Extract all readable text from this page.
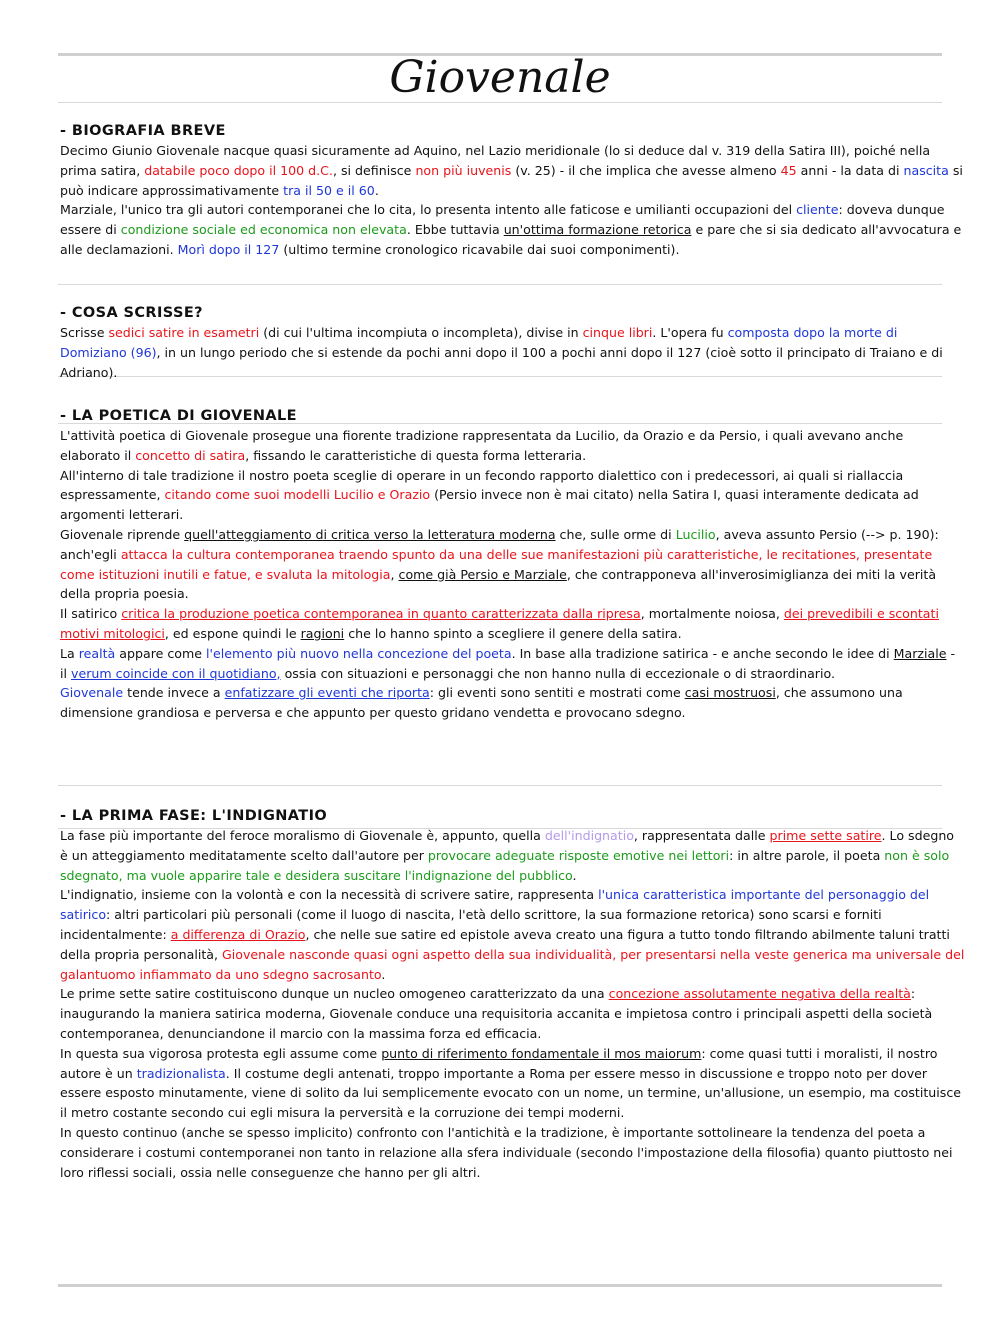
Giovenale
- BIOGRAFIA BREVE
Decimo Giunio Giovenale nacque quasi sicuramente ad Aquino, nel Lazio meridionale (lo si deduce dal v. 319 della Satira III), poiché nella prima satira, databile poco dopo il 100 d.C., si definisce non più iuvenis (v. 25) - il che implica che avesse almeno 45 anni - la data di nascita si può indicare approssimativamente tra il 50 e il 60.
Marziale, l'unico tra gli autori contemporanei che lo cita, lo presenta intento alle faticose e umilianti occupazioni del cliente: doveva dunque essere di condizione sociale ed economica non elevata. Ebbe tuttavia un'ottima formazione retorica e pare che si sia dedicato all'avvocatura e alle declamazioni. Morì dopo il 127 (ultimo termine cronologico ricavabile dai suoi componimenti).
- COSA SCRISSE?
Scrisse sedici satire in esametri (di cui l'ultima incompiuta o incompleta), divise in cinque libri. L'opera fu composta dopo la morte di Domiziano (96), in un lungo periodo che si estende da pochi anni dopo il 100 a pochi anni dopo il 127 (cioè sotto il principato di Traiano e di Adriano).
- LA POETICA DI GIOVENALE
L'attività poetica di Giovenale prosegue una fiorente tradizione rappresentata da Lucilio, da Orazio e da Persio, i quali avevano anche elaborato il concetto di satira, fissando le caratteristiche di questa forma letteraria.
All'interno di tale tradizione il nostro poeta sceglie di operare in un fecondo rapporto dialettico con i predecessori, ai quali si riallaccia espressamente, citando come suoi modelli Lucilio e Orazio (Persio invece non è mai citato) nella Satira I, quasi interamente dedicata ad argomenti letterari.
Giovenale riprende quell'atteggiamento di critica verso la letteratura moderna che, sulle orme di Lucilio, aveva assunto Persio (--> p. 190): anch'egli attacca la cultura contemporanea traendo spunto da una delle sue manifestazioni più caratteristiche, le recitationes, presentate come istituzioni inutili e fatue, e svaluta la mitologia, come già Persio e Marziale, che contrapponeva all'inverosimiglianza dei miti la verità della propria poesia.
Il satirico critica la produzione poetica contemporanea in quanto caratterizzata dalla ripresa, mortalmente noiosa, dei prevedibili e scontati motivi mitologici, ed espone quindi le ragioni che lo hanno spinto a scegliere il genere della satira.
La realtà appare come l'elemento più nuovo nella concezione del poeta. In base alla tradizione satirica - e anche secondo le idee di Marziale - il verum coincide con il quotidiano, ossia con situazioni e personaggi che non hanno nulla di eccezionale o di straordinario.
Giovenale tende invece a enfatizzare gli eventi che riporta: gli eventi sono sentiti e mostrati come casi mostruosi, che assumono una dimensione grandiosa e perversa e che appunto per questo gridano vendetta e provocano sdegno.
- LA PRIMA FASE: L'INDIGNATIO
La fase più importante del feroce moralismo di Giovenale è, appunto, quella dell'indignatio, rappresentata dalle prime sette satire. Lo sdegno è un atteggiamento meditatamente scelto dall'autore per provocare adeguate risposte emotive nei lettori: in altre parole, il poeta non è solo sdegnato, ma vuole apparire tale e desidera suscitare l'indignazione del pubblico.
L'indignatio, insieme con la volontà e con la necessità di scrivere satire, rappresenta l'unica caratteristica importante del personaggio del satirico: altri particolari più personali (come il luogo di nascita, l'età dello scrittore, la sua formazione retorica) sono scarsi e forniti incidentalmente: a differenza di Orazio, che nelle sue satire ed epistole aveva creato una figura a tutto tondo filtrando abilmente taluni tratti della propria personalità, Giovenale nasconde quasi ogni aspetto della sua individualità, per presentarsi nella veste generica ma universale del galantuomo infiammato da uno sdegno sacrosanto.
Le prime sette satire costituiscono dunque un nucleo omogeneo caratterizzato da una concezione assolutamente negativa della realtà: inaugurando la maniera satirica moderna, Giovenale conduce una requisitoria accanita e impietosa contro i principali aspetti della società contemporanea, denunciandone il marcio con la massima forza ed efficacia.
In questa sua vigorosa protesta egli assume come punto di riferimento fondamentale il mos maiorum: come quasi tutti i moralisti, il nostro autore è un tradizionalista. Il costume degli antenati, troppo importante a Roma per essere messo in discussione e troppo noto per dover essere esposto minutamente, viene di solito da lui semplicemente evocato con un nome, un termine, un'allusione, un esempio, ma costituisce il metro costante secondo cui egli misura la perversità e la corruzione dei tempi moderni.
In questo continuo (anche se spesso implicito) confronto con l'antichità e la tradizione, è importante sottolineare la tendenza del poeta a considerare i costumi contemporanei non tanto in relazione alla sfera individuale (secondo l'impostazione della filosofia) quanto piuttosto nei loro riflessi sociali, ossia nelle conseguenze che hanno per gli altri.
